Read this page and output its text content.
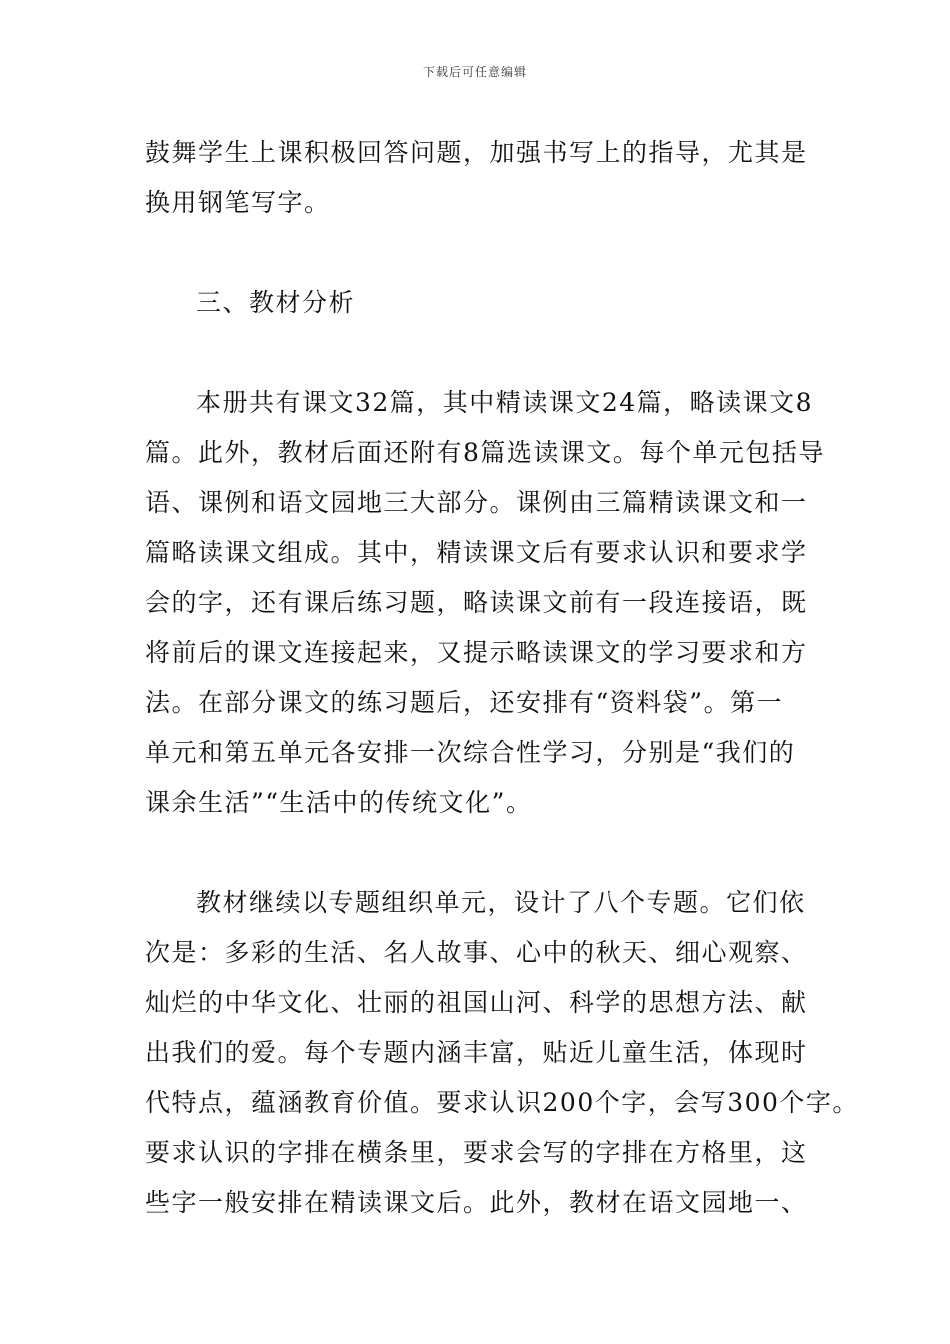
下载后可任意编辑
鼓舞学生上课积极回答问题，加强书写上的指导，尤其是
换用钢笔写字。
三、教材分析
本册共有课文32篇，其中精读课文24篇，略读课文8
篇。此外，教材后面还附有8篇选读课文。每个单元包括导
语、课例和语文园地三大部分。课例由三篇精读课文和一
篇略读课文组成。其中，精读课文后有要求认识和要求学
会的字，还有课后练习题，略读课文前有一段连接语，既
将前后的课文连接起来，又提示略读课文的学习要求和方
法。在部分课文的练习题后，还安排有“资料袋”。第一
单元和第五单元各安排一次综合性学习，分别是“我们的
课余生活”“生活中的传统文化”。
教材继续以专题组织单元，设计了八个专题。它们依
次是：多彩的生活、名人故事、心中的秋天、细心观察、
灿烂的中华文化、壮丽的祖国山河、科学的思想方法、献
出我们的爱。每个专题内涵丰富，贴近儿童生活，体现时
代特点，蕴涵教育价值。要求认识200个字，会写300个字。
要求认识的字排在横条里，要求会写的字排在方格里，这
些字一般安排在精读课文后。此外，教材在语文园地一、
